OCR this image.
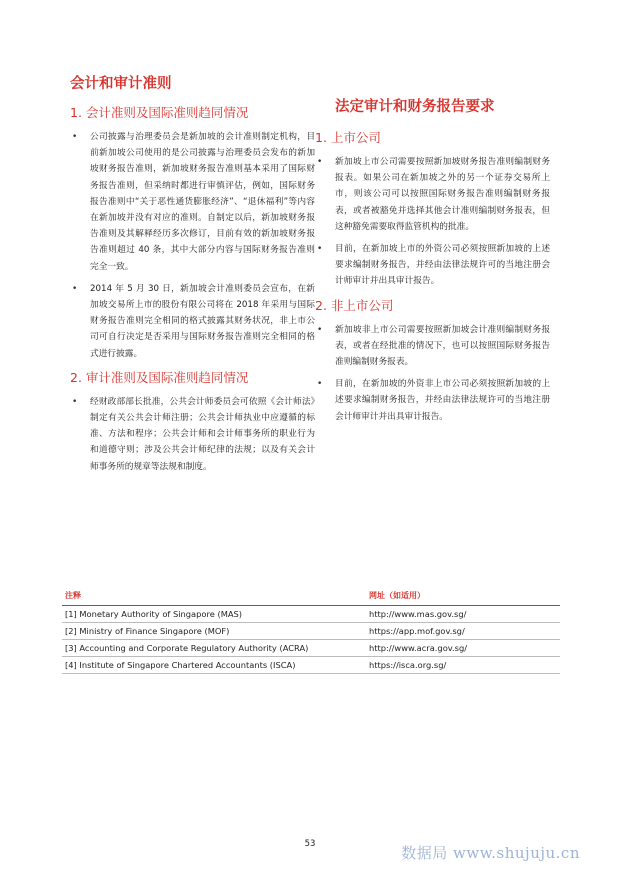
会计和审计准则
1. 会计准则及国际准则趋同情况
• 公司披露与治理委员会是新加坡的会计准则制定机构，目前新加坡公司使用的是公司披露与治理委员会发布的新加坡财务报告准则，新加坡财务报告准则基本采用了国际财务报告准则，但采纳时都进行审慎评估，例如，国际财务报告准则中“关于恶性通货膨胀经济”、“退休福利”等内容在新加坡并没有对应的准则。自制定以后，新加坡财务报告准则及其解释经历多次修订，目前有效的新加坡财务报告准则超过 40 条，其中大部分内容与国际财务报告准则完全一致。
• 2014 年 5 月 30 日，新加坡会计准则委员会宣布，在新加坡交易所上市的股份有限公司将在 2018 年采用与国际财务报告准则完全相同的格式披露其财务状况，非上市公司可自行决定是否采用与国际财务报告准则完全相同的格式进行披露。
2. 审计准则及国际准则趋同情况
• 经财政部部长批准，公共会计师委员会可依照《会计师法》制定有关公共会计师注册；公共会计师执业中应遵循的标准、方法和程序；公共会计师和会计师事务所的职业行为和道德守则；涉及公共会计师纪律的法规；以及有关会计师事务所的规章等法规和制度。
法定审计和财务报告要求
1. 上市公司
• 新加坡上市公司需要按照新加坡财务报告准则编制财务报表。如果公司在新加坡之外的另一个证券交易所上市，则该公司可以按照国际财务报告准则编制财务报表，或者被豁免并选择其他会计准则编制财务报表，但这种豁免需要取得监管机构的批准。
• 目前，在新加坡上市的外资公司必须按照新加坡的上述要求编制财务报告，并经由法律法规许可的当地注册会计师审计并出具审计报告。
2. 非上市公司
• 新加坡非上市公司需要按照新加坡会计准则编制财务报表，或者在经批准的情况下，也可以按照国际财务报告准则编制财务报表。
• 目前，在新加坡的外资非上市公司必须按照新加坡的上述要求编制财务报告，并经由法律法规许可的当地注册会计师审计并出具审计报告。
注释	网址（如适用）
[1] Monetary Authority of Singapore (MAS)	http://www.mas.gov.sg/
[2] Ministry of Finance Singapore (MOF)	https://app.mof.gov.sg/
[3] Accounting and Corporate Regulatory Authority (ACRA)	http://www.acra.gov.sg/
[4] Institute of Singapore Chartered Accountants (ISCA)	https://isca.org.sg/
53	数据局 www.shujuju.cn
